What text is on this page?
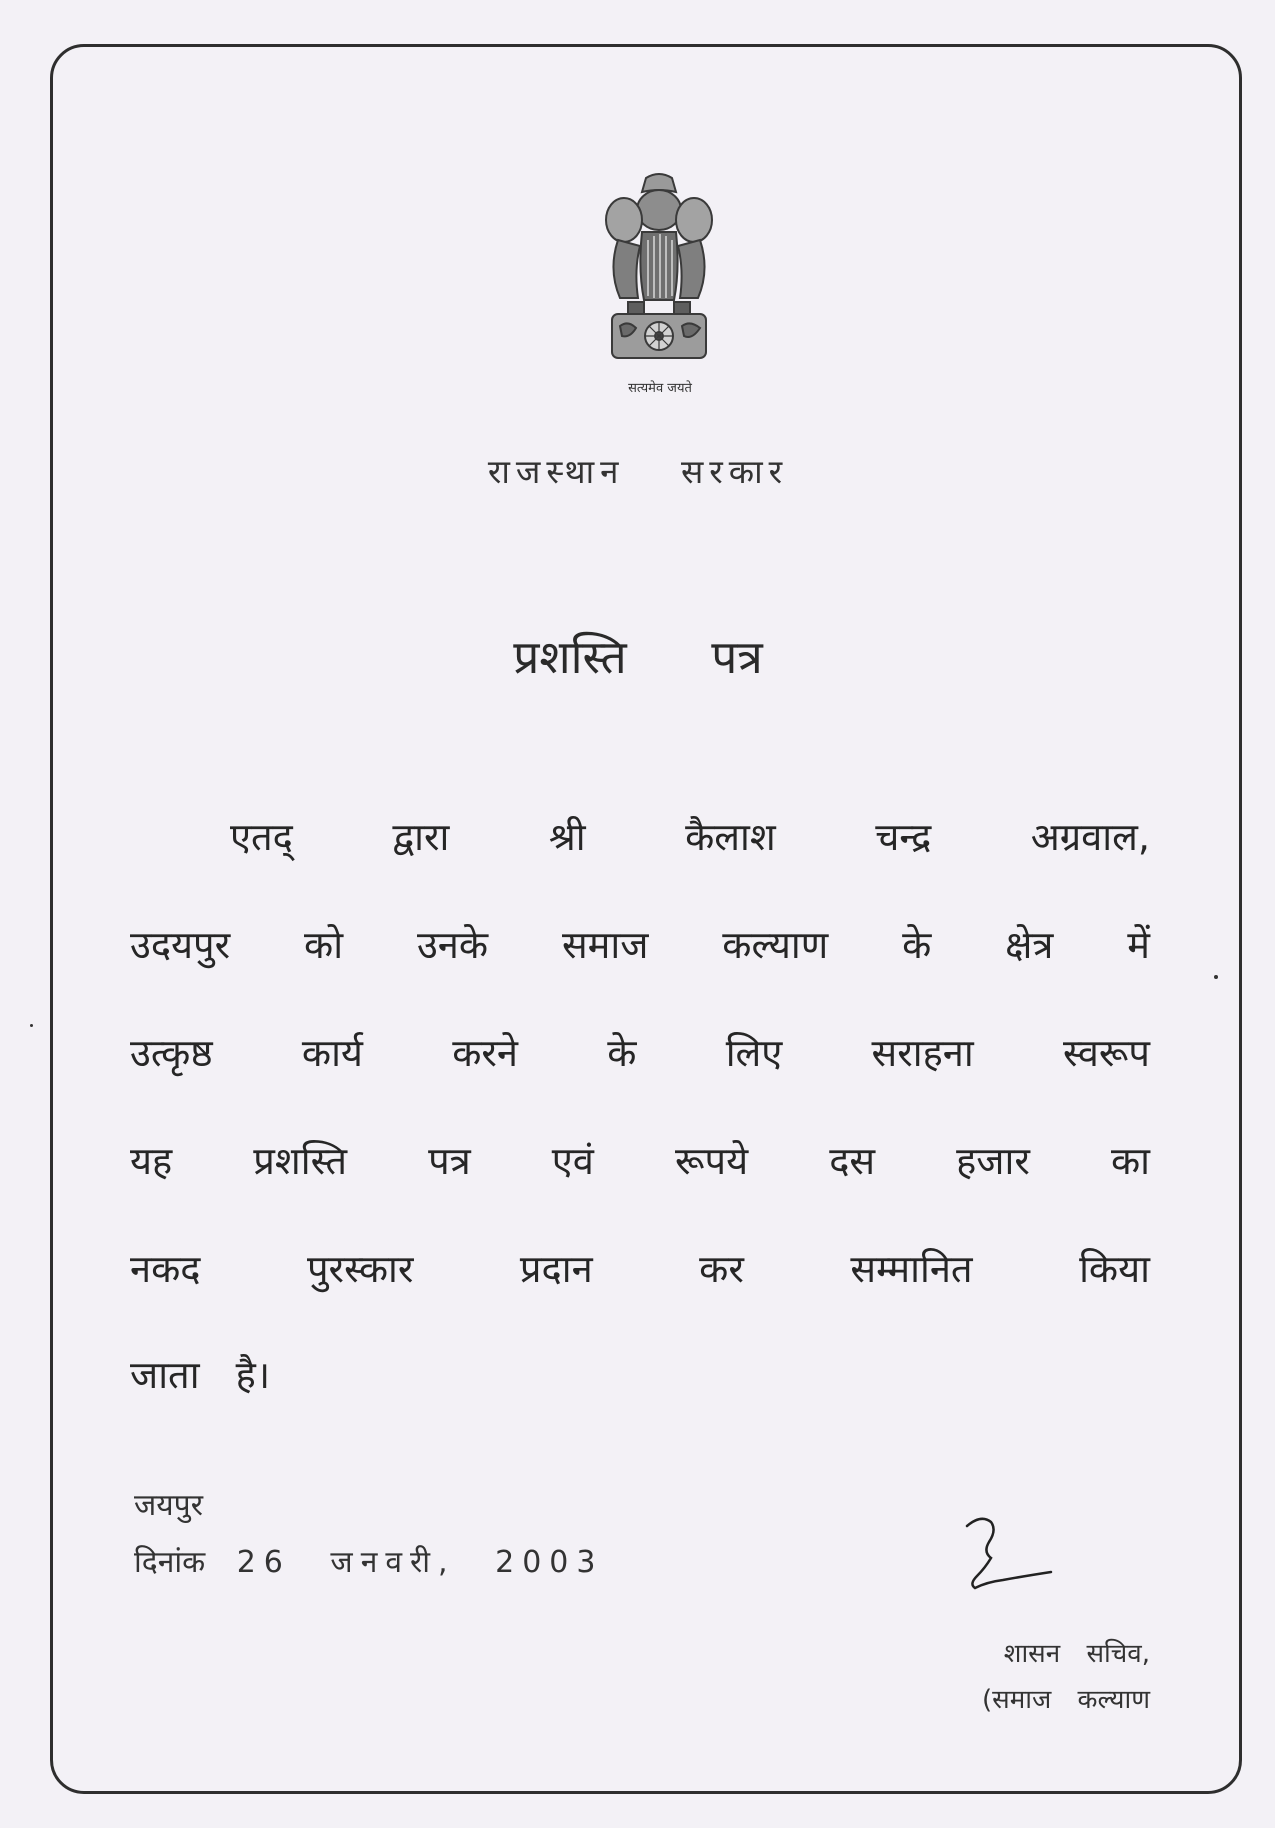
सत्यमेव जयते
राजस्थान सरकार
प्रशस्ति पत्र
एतद् द्वारा श्री कैलाश चन्द्र अग्रवाल,
उदयपुर को उनके समाज कल्याण के क्षेत्र में
उत्कृष्ठ कार्य करने के लिए सराहना स्वरूप
यह प्रशस्ति पत्र एवं रूपये दस हजार का
नकद पुरस्कार प्रदान कर सम्मानित किया
जाता है।
जयपुर
दिनांक 26 जनवरी, 2003
शासन सचिव,
(समाज कल्याण
